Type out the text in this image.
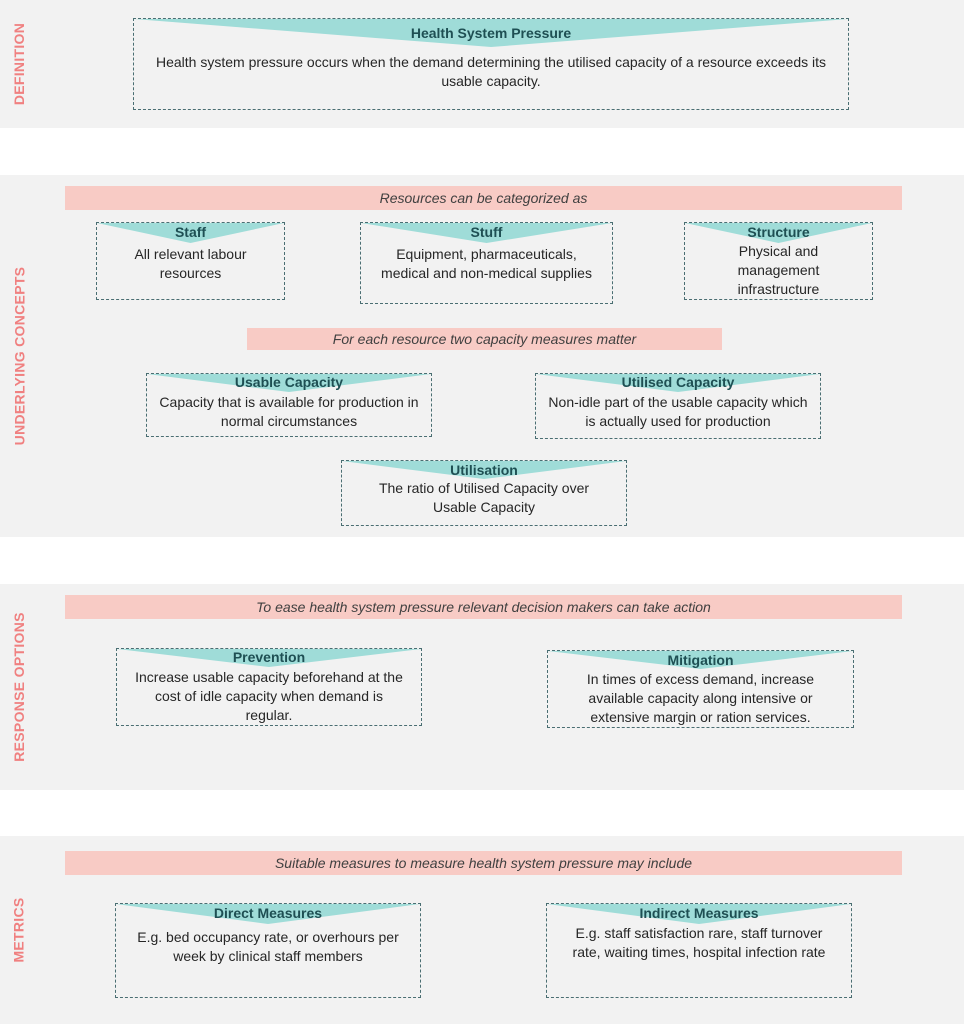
DEFINITION
UNDERLYING CONCEPTS
RESPONSE OPTIONS
METRICS
Health System Pressure
Health system pressure occurs when the demand determining the utilised capacity of a resource exceeds its usable capacity.
Resources can be categorized as
Staff
All relevant labour resources
Stuff
Equipment, pharmaceuticals, medical and non-medical supplies
Structure
Physical and management infrastructure
For each resource two capacity measures matter
Usable Capacity
Capacity that is available for production in normal circumstances
Utilised Capacity
Non-idle part of the usable capacity which is actually used for production
Utilisation
The ratio of Utilised Capacity over Usable Capacity
To ease health system pressure relevant decision makers can take action
Prevention
Increase usable capacity beforehand at the cost of idle capacity when demand is regular.
Mitigation
In times of excess demand, increase available capacity along intensive or extensive margin or ration services.
Suitable measures to measure health system pressure may include
Direct Measures
E.g. bed occupancy rate, or overhours per week by clinical staff members
Indirect Measures
E.g. staff satisfaction rare, staff turnover rate, waiting times, hospital infection rate
